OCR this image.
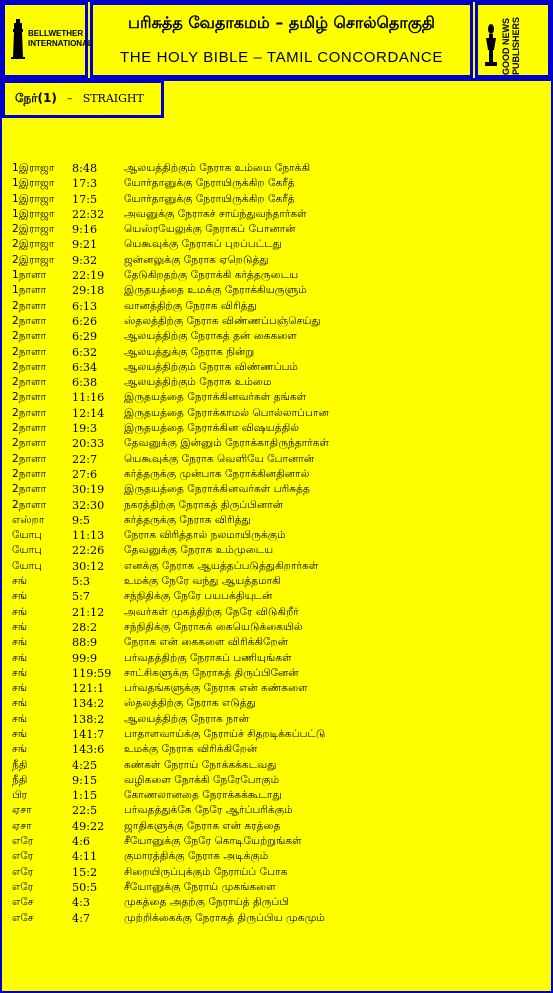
BELLWETHER
INTERNATIONAL
பரிசுத்த வேதாகமம் – தமிழ் சொல்தொகுதி
THE HOLY BIBLE – TAMIL CONCORDANCE	GOOD NEWS PUBLISHERS
நேர்(1) – STRAIGHT
1இராஜா	8:48	ஆலயத்திற்கும் நேராக உம்மை நோக்கி
1இராஜா	17:3	யோர்தானுக்கு நேராயிருக்கிற கேரீத்
1இராஜா	17:5	யோர்தானுக்கு நேராயிருக்கிற கேரீத்
1இராஜா	22:32	அவனுக்கு நேராகச் சாய்ந்துவந்தார்கள்
2இராஜா	9:16	யெஸ்ரயேலுக்கு நேராகப் போனான்
2இராஜா	9:21	யெகூவுக்கு நேராகப் புறப்பட்டது
2இராஜா	9:32	ஜன்னலுக்கு நேராக ஏறெடுத்து
1நாளா	22:19	தேடுகிறதற்கு நேராக்கி கர்த்தருடைய
1நாளா	29:18	இருதயத்தை உமக்கு நேராக்கியருளும்
2நாளா	6:13	வானத்திற்கு நேராக விரித்து
2நாளா	6:26	ஸ்தலத்திற்கு நேராக விண்ணப்பஞ்செய்து
2நாளா	6:29	ஆலயத்திற்கு நேராகத் தன் கைகளை
2நாளா	6:32	ஆலயத்துக்கு நேராக நின்று
2நாளா	6:34	ஆலயத்திற்கும் நேராக விண்ணப்பம்
2நாளா	6:38	ஆலயத்திற்கும் நேராக உம்மை
2நாளா	11:16	இருதயத்தை நேராக்கினவர்கள் தங்கள்
2நாளா	12:14	இருதயத்தை நேராக்காமல் பொல்லாப்பான
2நாளா	19:3	இருதயத்தை நேராக்கின விஷயத்தில்
2நாளா	20:33	தேவனுக்கு இன்னும் நேராக்காதிருந்தார்கள்
2நாளா	22:7	யெகூவுக்கு நேராக வெளியே போனான்
2நாளா	27:6	கர்த்தருக்கு முன்பாக நேராக்கினதினால்
2நாளா	30:19	இருதயத்தை நேராக்கினவர்கள் பரிசுத்த
2நாளா	32:30	நகரத்திற்கு நேராகத் திருப்பினான்
எஸ்றா	9:5	கர்த்தருக்கு நேராக விரித்து
யோபு	11:13	நேராக விரித்தால் நலமாயிருக்கும்
யோபு	22:26	தேவனுக்கு நேராக உம்முடைய
யோபு	30:12	எனக்கு நேராக ஆயத்தப்படுத்துகிறார்கள்
சங்	5:3	உமக்கு நேரே வந்து ஆயத்தமாகி
சங்	5:7	சந்நிதிக்கு நேரே பயபக்தியுடன்
சங்	21:12	அவர்கள் முகத்திற்கு நேரே விடுகிறீர்
சங்	28:2	சந்நிதிக்கு நேராகக் கையெடுக்கையில்
சங்	88:9	நேராக என் கைகளை விரிக்கிறேன்
சங்	99:9	பர்வதத்திற்கு நேராகப் பணியுங்கள்
சங்	119:59	சாட்சிகளுக்கு நேராகத் திருப்பினேன்
சங்	121:1	பர்வதங்களுக்கு நேராக என் கண்களை
சங்	134:2	ஸ்தலத்திற்கு நேராக எடுத்து
சங்	138:2	ஆலயத்திற்கு நேராக நான்
சங்	141:7	பாதாளவாய்க்கு நேராய்ச் சிதறடிக்கப்பட்டு
சங்	143:6	உமக்கு நேராக விரிக்கிறேன்
நீதி	4:25	கண்கள் நேராய் நோக்கக்கடவது
நீதி	9:15	வழிகளை நோக்கி நேரேபோகும்
பிர	1:15	கோணலானதை நேராக்கக்கூடாது
ஏசா	22:5	பர்வதத்துக்கே நேரே ஆர்ப்பரிக்கும்
ஏசா	49:22	ஜாதிகளுக்கு நேராக என் கரத்தை
எரே	4:6	சீயோனுக்கு நேரே கொடியேற்றுங்கள்
எரே	4:11	குமாரத்திக்கு நேராக அடிக்கும்
எரே	15:2	சிறையிருப்புக்கும் நேராய்ப் போக
எரே	50:5	சீயோனுக்கு நேராய் முகங்களை
எசே	4:3	முகத்தை அதற்கு நேராய்த் திருப்பி
எசே	4:7	முற்றிக்கைக்கு நேராகத் திருப்பிய முகமும்
